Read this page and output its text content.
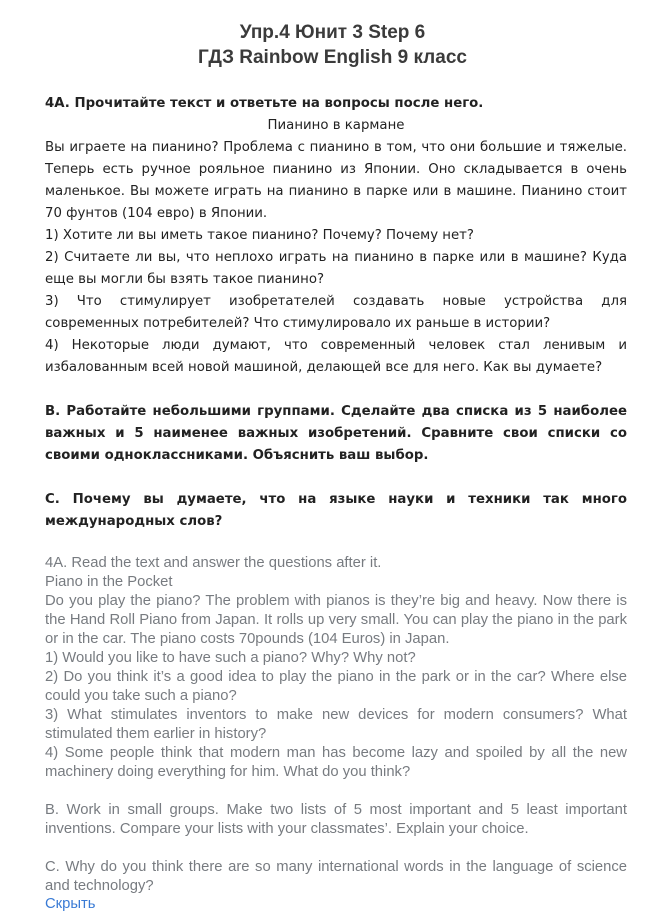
Упр.4 Юнит 3 Step 6
ГДЗ Rainbow English 9 класс

4A. Прочитайте текст и ответьте на вопросы после него.

Пианино в кармане

Вы играете на пианино? Проблема с пианино в том, что они большие и тяжелые. Теперь есть ручное рояльное пианино из Японии. Оно складывается в очень маленькое. Вы можете играть на пианино в парке или в машине. Пианино стоит 70 фунтов (104 евро) в Японии.

1) Хотите ли вы иметь такое пианино? Почему? Почему нет?

2) Считаете ли вы, что неплохо играть на пианино в парке или в машине? Куда еще вы могли бы взять такое пианино?

3) Что стимулирует изобретателей создавать новые устройства для современных потребителей? Что стимулировало их раньше в истории?

4) Некоторые люди думают, что современный человек стал ленивым и избалованным всей новой машиной, делающей все для него. Как вы думаете?

B. Работайте небольшими группами. Сделайте два списка из 5 наиболее важных и 5 наименее важных изобретений. Сравните свои списки со своими одноклассниками. Объяснить ваш выбор.

C. Почему вы думаете, что на языке науки и техники так много международных слов?

4A. Read the text and answer the questions after it.

Piano in the Pocket

Do you play the piano? The problem with pianos is they’re big and heavy. Now there is the Hand Roll Piano from Japan. It rolls up very small. You can play the piano in the park or in the car. The piano costs 70pounds (104 Euros) in Japan.

1) Would you like to have such a piano? Why? Why not?

2) Do you think it’s a good idea to play the piano in the park or in the car? Where else could you take such a piano?

3) What stimulates inventors to make new devices for modern consumers? What stimulated them earlier in history?

4) Some people think that modern man has become lazy and spoiled by all the new machinery doing everything for him. What do you think?

B. Work in small groups. Make two lists of 5 most important and 5 least important inventions. Compare your lists with your classmates’. Explain your choice.

C. Why do you think there are so many international words in the language of science and technology?

Скрыть
